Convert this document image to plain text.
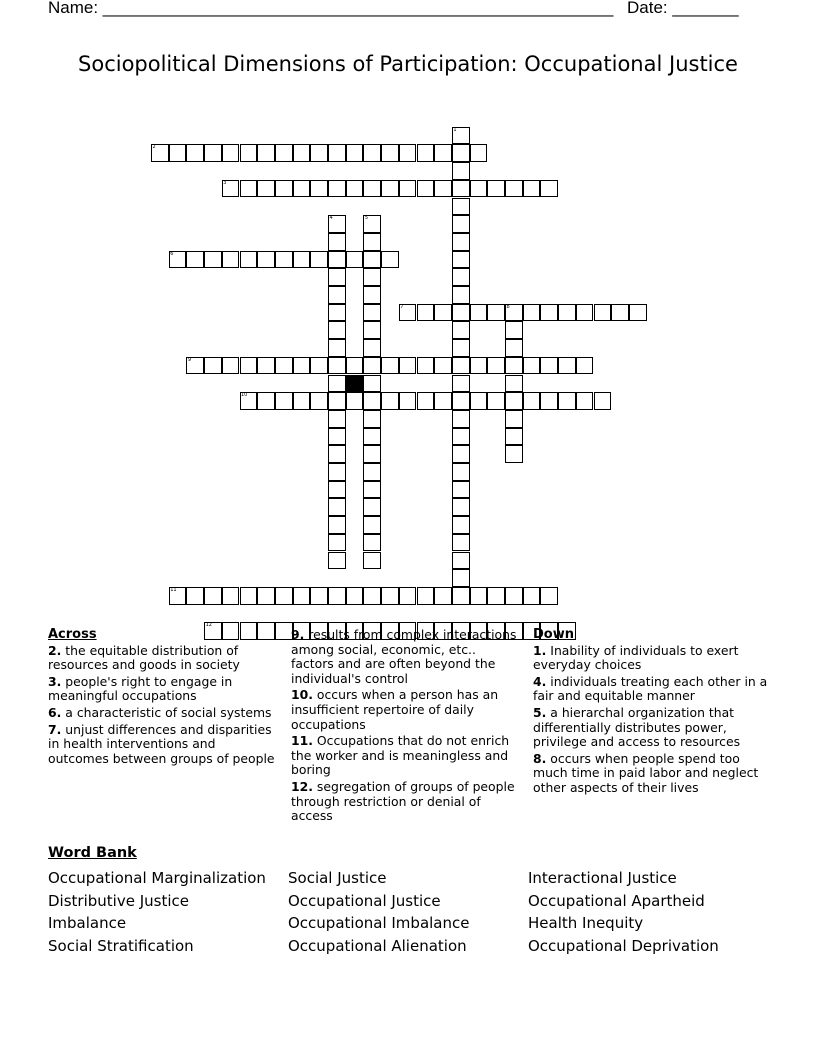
Name: ______________________________________________________ Date: _______
Sociopolitical Dimensions of Participation: Occupational Justice
1
2
3
4	5
6
7	8
9
10
11
12
Across
2. the equitable distribution of resources and goods in society
3. people's right to engage in meaningful occupations
6. a characteristic of social systems
7. unjust differences and disparities in health interventions and outcomes between groups of people
9. results from complex interactions among social, economic, etc.. factors and are often beyond the individual's control
10. occurs when a person has an insufficient repertoire of daily occupations
11. Occupations that do not enrich the worker and is meaningless and boring
12. segregation of groups of people through restriction or denial of access
Down
1. Inability of individuals to exert everyday choices
4. individuals treating each other in a fair and equitable manner
5. a hierarchal organization that differentially distributes power, privilege and access to resources
8. occurs when people spend too much time in paid labor and neglect other aspects of their lives
Word Bank
Occupational Marginalization
Distributive Justice
Imbalance
Social Stratification
Social Justice
Occupational Justice
Occupational Imbalance
Occupational Alienation
Interactional Justice
Occupational Apartheid
Health Inequity
Occupational Deprivation
